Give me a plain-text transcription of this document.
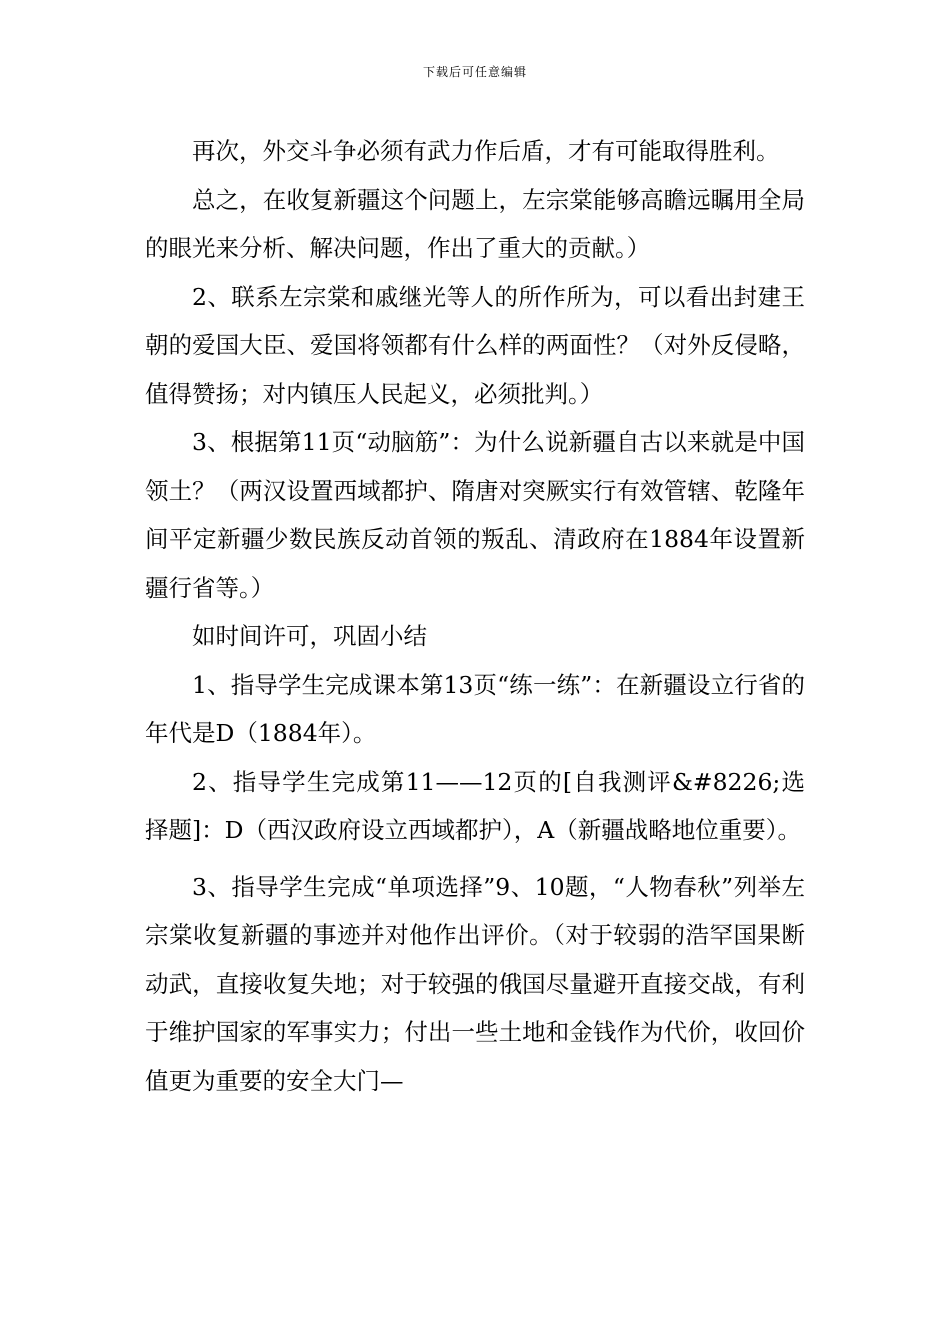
下载后可任意编辑

再次，外交斗争必须有武力作后盾，才有可能取得胜利。

总之，在收复新疆这个问题上，左宗棠能够高瞻远瞩用全局的眼光来分析、解决问题，作出了重大的贡献。）

2、联系左宗棠和戚继光等人的所作所为，可以看出封建王朝的爱国大臣、爱国将领都有什么样的两面性？（对外反侵略，值得赞扬；对内镇压人民起义，必须批判。）

3、根据第11页“动脑筋”：为什么说新疆自古以来就是中国领土？（两汉设置西域都护、隋唐对突厥实行有效管辖、乾隆年间平定新疆少数民族反动首领的叛乱、清政府在1884年设置新疆行省等。）

如时间许可，巩固小结

1、指导学生完成课本第13页“练一练”：在新疆设立行省的年代是D（1884年）。

2、指导学生完成第11——12页的[自我测评&#8226;选择题]：D（西汉政府设立西域都护），A（新疆战略地位重要）。

3、指导学生完成“单项选择”9、10题，“人物春秋”列举左宗棠收复新疆的事迹并对他作出评价。（对于较弱的浩罕国果断动武，直接收复失地；对于较强的俄国尽量避开直接交战，有利于维护国家的军事实力；付出一些土地和金钱作为代价，收回价值更为重要的安全大门—
